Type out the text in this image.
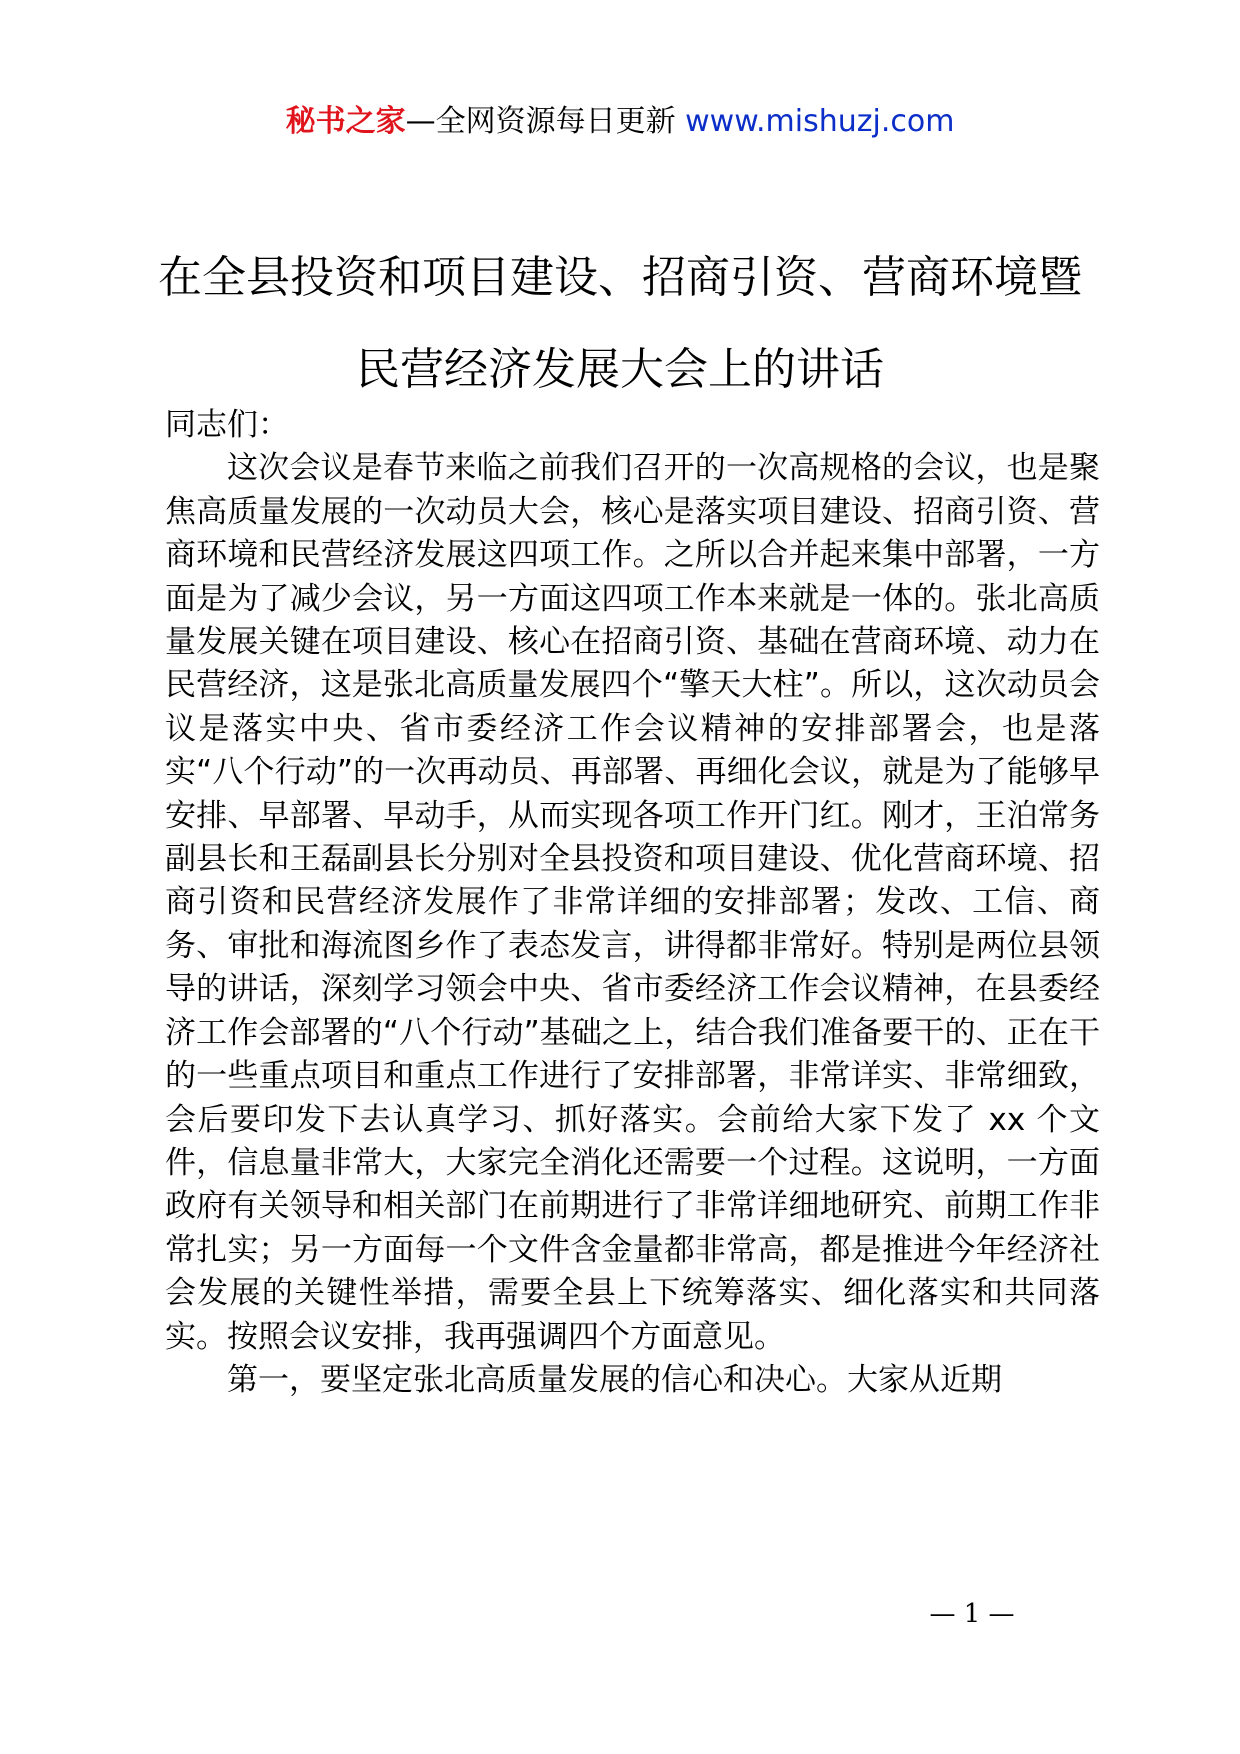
秘书之家—全网资源每日更新 www.mishuzj.com
在全县投资和项目建设、招商引资、营商环境暨民营经济发展大会上的讲话

同志们：

这次会议是春节来临之前我们召开的一次高规格的会议，也是聚焦高质量发展的一次动员大会，核心是落实项目建设、招商引资、营商环境和民营经济发展这四项工作。之所以合并起来集中部署，一方面是为了减少会议，另一方面这四项工作本来就是一体的。张北高质量发展关键在项目建设、核心在招商引资、基础在营商环境、动力在民营经济，这是张北高质量发展四个“擎天大柱”。所以，这次动员会议是落实中央、省市委经济工作会议精神的安排部署会，也是落实“八个行动”的一次再动员、再部署、再细化会议，就是为了能够早安排、早部署、早动手，从而实现各项工作开门红。刚才，王泊常务副县长和王磊副县长分别对全县投资和项目建设、优化营商环境、招商引资和民营经济发展作了非常详细的安排部署；发改、工信、商务、审批和海流图乡作了表态发言，讲得都非常好。特别是两位县领导的讲话，深刻学习领会中央、省市委经济工作会议精神，在县委经济工作会部署的“八个行动”基础之上，结合我们准备要干的、正在干的一些重点项目和重点工作进行了安排部署，非常详实、非常细致，会后要印发下去认真学习、抓好落实。会前给大家下发了 xx 个文件，信息量非常大，大家完全消化还需要一个过程。这说明，一方面政府有关领导和相关部门在前期进行了非常详细地研究、前期工作非常扎实；另一方面每一个文件含金量都非常高，都是推进今年经济社会发展的关键性举措，需要全县上下统筹落实、细化落实和共同落实。按照会议安排，我再强调四个方面意见。

第一，要坚定张北高质量发展的信心和决心。大家从近期

— 1 —
